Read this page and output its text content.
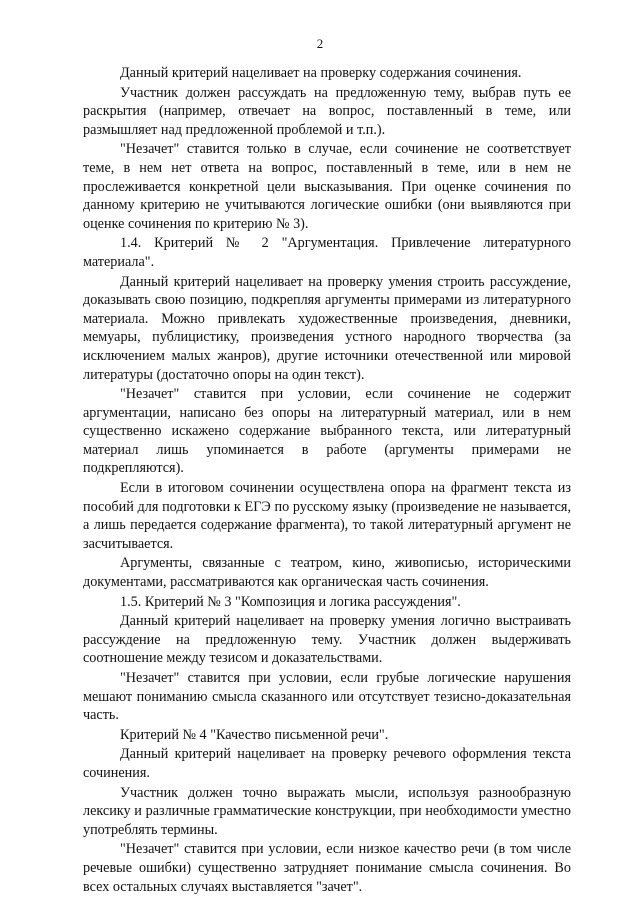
2

Данный критерий нацеливает на проверку содержания сочинения.

Участник должен рассуждать на предложенную тему, выбрав путь ее раскрытия (например, отвечает на вопрос, поставленный в теме, или размышляет над предложенной проблемой и т.п.).

"Незачет" ставится только в случае, если сочинение не соответствует теме, в нем нет ответа на вопрос, поставленный в теме, или в нем не прослеживается конкретной цели высказывания. При оценке сочинения по данному критерию не учитываются логические ошибки (они выявляются при оценке сочинения по критерию № 3).

1.4. Критерий № 2 "Аргументация. Привлечение литературного материала".

Данный критерий нацеливает на проверку умения строить рассуждение, доказывать свою позицию, подкрепляя аргументы примерами из литературного материала. Можно привлекать художественные произведения, дневники, мемуары, публицистику, произведения устного народного творчества (за исключением малых жанров), другие источники отечественной или мировой литературы (достаточно опоры на один текст).

"Незачет" ставится при условии, если сочинение не содержит аргументации, написано без опоры на литературный материал, или в нем существенно искажено содержание выбранного текста, или литературный материал лишь упоминается в работе (аргументы примерами не подкрепляются).

Если в итоговом сочинении осуществлена опора на фрагмент текста из пособий для подготовки к ЕГЭ по русскому языку (произведение не называется, а лишь передается содержание фрагмента), то такой литературный аргумент не засчитывается.

Аргументы, связанные с театром, кино, живописью, историческими документами, рассматриваются как органическая часть сочинения.

1.5. Критерий № 3 "Композиция и логика рассуждения".

Данный критерий нацеливает на проверку умения логично выстраивать рассуждение на предложенную тему. Участник должен выдерживать соотношение между тезисом и доказательствами.

"Незачет" ставится при условии, если грубые логические нарушения мешают пониманию смысла сказанного или отсутствует тезисно-доказательная часть.

Критерий № 4 "Качество письменной речи".

Данный критерий нацеливает на проверку речевого оформления текста сочинения.

Участник должен точно выражать мысли, используя разнообразную лексику и различные грамматические конструкции, при необходимости уместно употреблять термины.

"Незачет" ставится при условии, если низкое качество речи (в том числе речевые ошибки) существенно затрудняет понимание смысла сочинения. Во всех остальных случаях выставляется "зачет".
